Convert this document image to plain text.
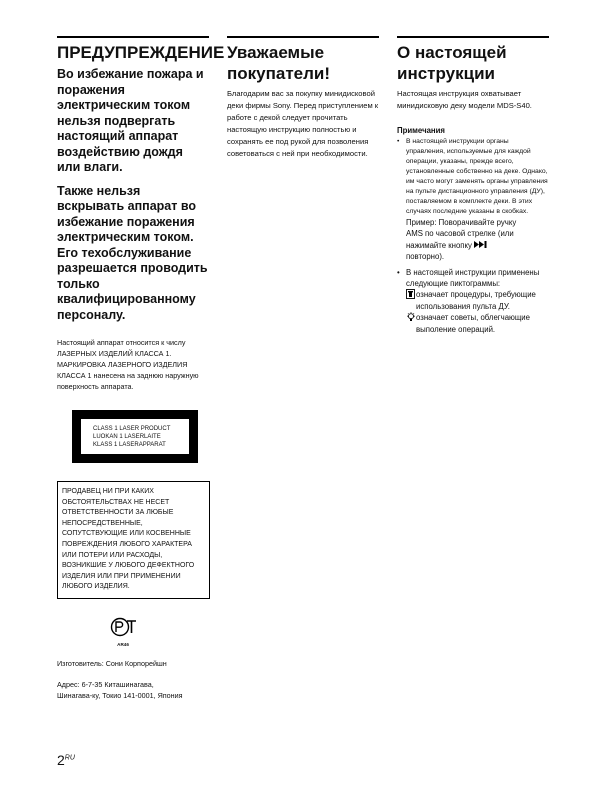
ПРЕДУПРЕЖДЕНИЕ

Во избежание пожара и поражения электрическим током нельзя подвергать настоящий аппарат воздействию дождя или влаги.

Также нельзя вскрывать аппарат во избежание поражения электрическим током. Его техобслуживание разрешается проводить только квалифицированному персоналу.

Настоящий аппарат относится к числу ЛАЗЕРНЫХ ИЗДЕЛИЙ КЛАССА 1. МАРКИРОВКА ЛАЗЕРНОГО ИЗДЕЛИЯ КЛАССА 1 нанесена на заднюю наружную поверхность аппарата.

CLASS 1 LASER PRODUCT
LUOKAN 1 LASERLAITE
KLASS 1 LASERAPPARAT
ПРОДАВЕЦ НИ ПРИ КАКИХ ОБСТОЯТЕЛЬСТВАХ НЕ НЕСЕТ ОТВЕТСТВЕННОСТИ ЗА ЛЮБЫЕ НЕПОСРЕДСТВЕННЫЕ, СОПУТСТВУЮЩИЕ ИЛИ КОСВЕННЫЕ ПОВРЕЖДЕНИЯ ЛЮБОГО ХАРАКТЕРА ИЛИ ПОТЕРИ ИЛИ РАСХОДЫ, ВОЗНИКШИЕ У ЛЮБОГО ДЕФЕКТНОГО ИЗДЕЛИЯ ИЛИ ПРИ ПРИМЕНЕНИИ ЛЮБОГО ИЗДЕЛИЯ.
AR46

Изготовитель: Сони Корпорейшн

Адрес: 6-7-35 Киташинагава,

Шинагава-ку, Токио 141-0001, Япония

Уважаемые покупатели!

Благодарим вас за покупку минидисковой деки фирмы Sony. Перед приступлением к работе с декой следует прочитать настоящую инструкцию полностью и сохранять ее под рукой для позволения советоваться с ней при необходимости.

О настоящей инструкции

Настоящая инструкция охватывает минидисковую деку модели MDS-S40.

Примечания
• В настоящей инструкции органы управления, используемые для каждой операции, указаны, прежде всего, установленные собственно на деке. Однако, им часто могут заменять органы управления на пульте дистанционного управления (ДУ), поставляемом в комплекте деки. В этих случаях последние указаны в скобках.
Пример: Поворачивайте ручку
AMS по часовой стрелке (или
нажимайте кнопку
повторно).
• В настоящей инструкции применены следующие пиктограммы:
означает процедуры, требующие использования пульта ДУ.
означает советы, облегчающие выполение операций.
$2^{RU}$
